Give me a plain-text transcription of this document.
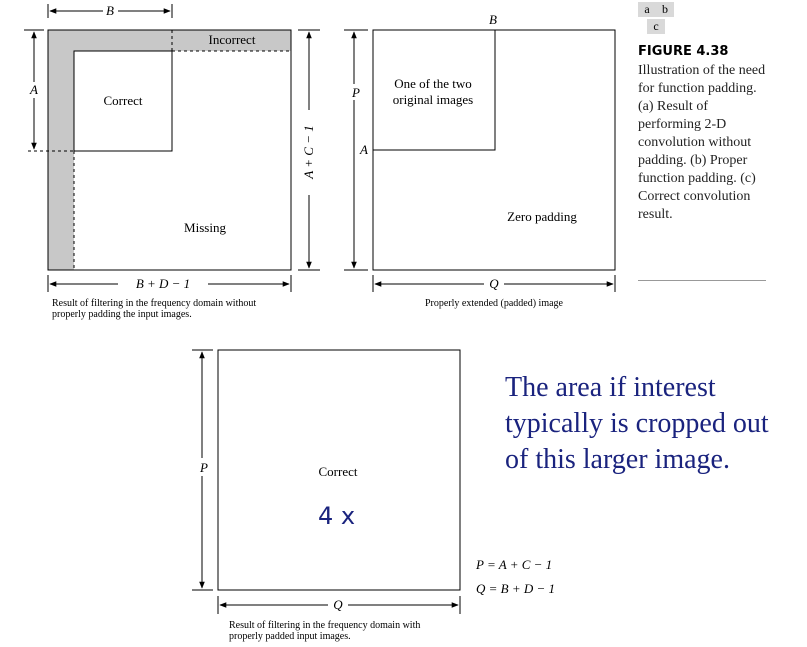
a	b
c
FIGURE 4.38
Illustration of the need for function padding. (a) Result of performing 2-D convolution without padding. (b) Proper function padding. (c) Correct convolution result.
B
A
A + C − 1
B + D − 1
Incorrect
Correct
Missing
Result of filtering in the frequency domain without
properly padding the input images.
B
P
A
One of the two
original images
Zero padding
Q
Properly extended (padded) image
P	Correct
Q
Result of filtering in the frequency domain with
properly padded input images.
P = A + C − 1
Q = B + D − 1
4 x
The area if interest typically is cropped out of this larger image.
